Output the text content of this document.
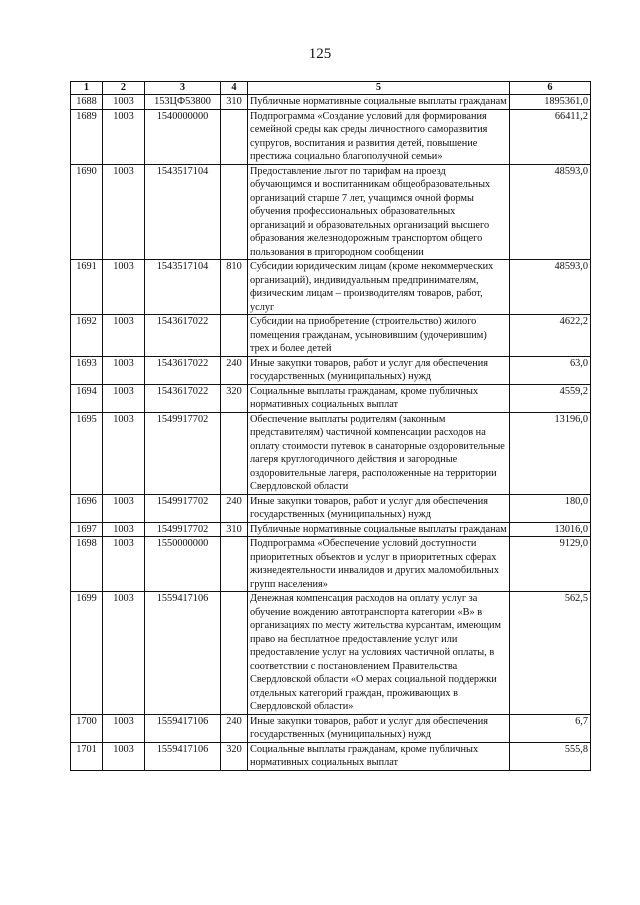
125
1	2	3	4	5	6
1688	1003	153ЦФ53800	310	Публичные нормативные социальные выплаты гражданам	1895361,0
1689	1003	1540000000		Подпрограмма «Создание условий для формирования семейной среды как среды личностного саморазвития супругов, воспитания и развития детей, повышение престижа социально благополучной семьи»	66411,2
1690	1003	1543517104		Предоставление льгот по тарифам на проезд обучающимся и воспитанникам общеобразовательных организаций старше 7 лет, учащимся очной формы обучения профессиональных образовательных организаций и образовательных организаций высшего образования железнодорожным транспортом общего пользования в пригородном сообщении	48593,0
1691	1003	1543517104	810	Субсидии юридическим лицам (кроме некоммерческих организаций), индивидуальным предпринимателям, физическим лицам – производителям товаров, работ, услуг	48593,0
1692	1003	1543617022		Субсидии на приобретение (строительство) жилого помещения гражданам, усыновившим (удочерившим) трех и более детей	4622,2
1693	1003	1543617022	240	Иные закупки товаров, работ и услуг для обеспечения государственных (муниципальных) нужд	63,0
1694	1003	1543617022	320	Социальные выплаты гражданам, кроме публичных нормативных социальных выплат	4559,2
1695	1003	1549917702		Обеспечение выплаты родителям (законным представителям) частичной компенсации расходов на оплату стоимости путевок в санаторные оздоровительные лагеря круглогодичного действия и загородные оздоровительные лагеря, расположенные на территории Свердловской области	13196,0
1696	1003	1549917702	240	Иные закупки товаров, работ и услуг для обеспечения государственных (муниципальных) нужд	180,0
1697	1003	1549917702	310	Публичные нормативные социальные выплаты гражданам	13016,0
1698	1003	1550000000		Подпрограмма «Обеспечение условий доступности приоритетных объектов и услуг в приоритетных сферах жизнедеятельности инвалидов и других маломобильных групп населения»	9129,0
1699	1003	1559417106		Денежная компенсация расходов на оплату услуг за обучение вождению автотранспорта категории «В» в организациях по месту жительства курсантам, имеющим право на бесплатное предоставление услуг или предоставление услуг на условиях частичной оплаты, в соответствии с постановлением Правительства Свердловской области «О мерах социальной поддержки отдельных категорий граждан, проживающих в Свердловской области»	562,5
1700	1003	1559417106	240	Иные закупки товаров, работ и услуг для обеспечения государственных (муниципальных) нужд	6,7
1701	1003	1559417106	320	Социальные выплаты гражданам, кроме публичных нормативных социальных выплат	555,8
